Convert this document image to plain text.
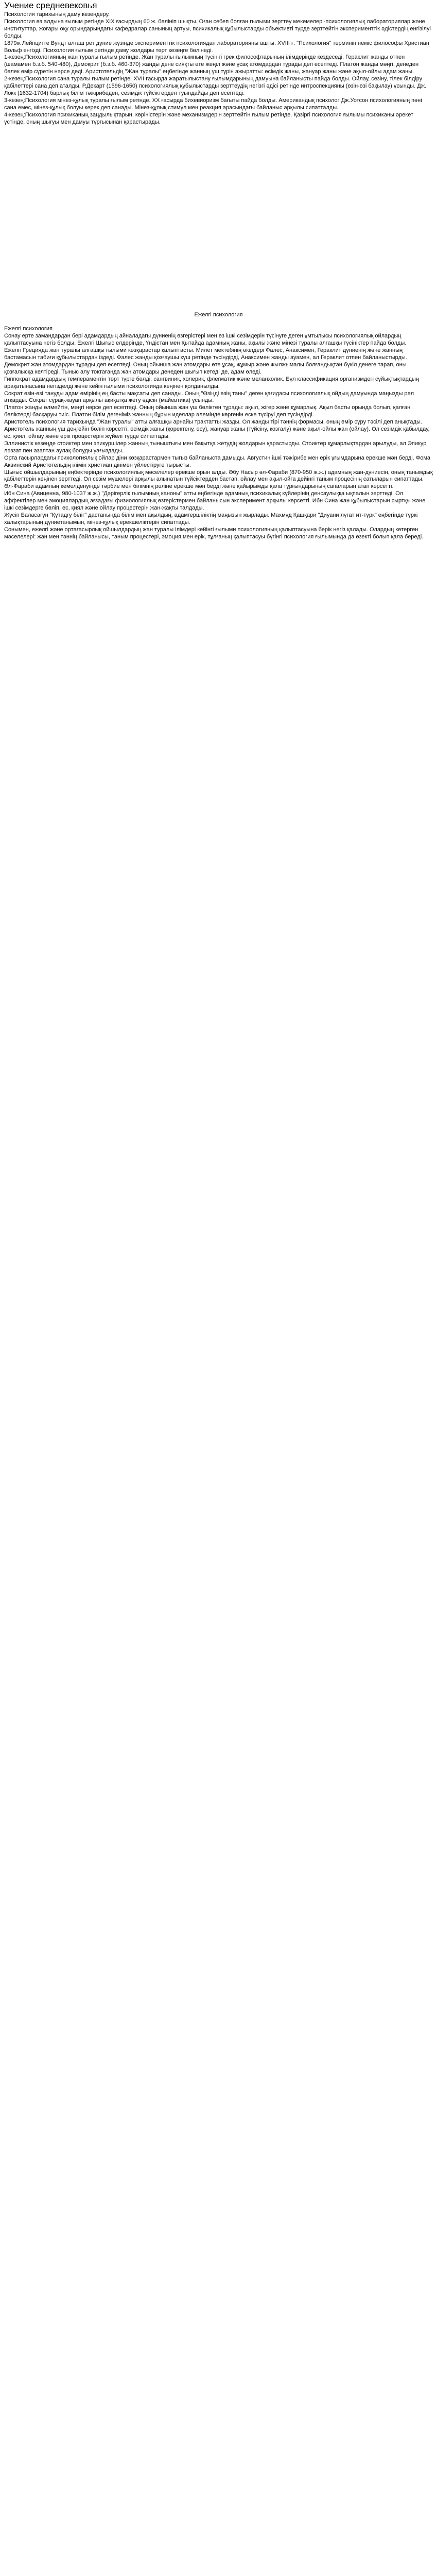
Учение средневековья

Психология тарихының даму кезеңдеру.

Психология өз алдына ғылым ретінде ХІХ ғасырдың 60 ж. бөлініп шықты. Оған себеп болған ғылыми зерттеу мекемелері-психологиялық лабораториялар және институттар, жоғары оқу орындарындағы кафедралар санының артуы, психикалық құбылыстарды объективті түрде зерттейтін эксперименттік әдістердің енгізілуі болды.

1879ж Лейпцигте Вундт алғаш рет дүние жүзінде эксперименттік психологиядан лабораторияны ашты. ХVІІІ ғ. "Психология" терминін неміс философы Христиан Вольф енгізді. Психология ғылым ретінде даму жолдары төрт кезеңге бөлінеді.

1-кезең:Психологияның жан туралы ғылым ретінде. Жан туралы ғылымның түсінігі грек философтарының ілімдерінде кездеседі. Гераклит жанды отпен (шамамен б.з.б. 540-480), Демокрит (б.з.б. 460-370) жанды дене сияқты өте жеңіл және ұсақ атомдардан тұрады деп есептеді. Платон жанды мәңгі, денеден бөлек өмір сүретін нәрсе деді. Аристотельдің "Жан туралы" еңбегінде жанның үш түрін ажыратты: өсімдік жаны, жануар жаны және ақыл-ойлы адам жаны.

2-кезең:Психология сана туралы ғылым ретінде. ХVІІ ғасырда жаратылыстану ғылымдарының дамуына байланысты пайда болды. Ойлау, сезіну, тілек білдіру қабілеттері сана деп аталды. Р.Декарт (1596-1650) психологиялық құбылыстарды зерттеудің негізгі әдісі ретінде интроспекцияны (өзін-өзі бақылау) ұсынды. Дж. Локк (1632-1704) барлық білім тәжірибеден, сезімдік түйсіктерден туындайды деп есептеді.

3-кезең:Психология мінез-құлық туралы ғылым ретінде. ХХ ғасырда бихевиоризм бағыты пайда болды. Американдық психолог Дж.Уотсон психологияның пәні сана емес, мінез-құлық болуы керек деп санады. Мінез-құлық стимул мен реакция арасындағы байланыс арқылы сипатталды.

4-кезең:Психология психиканың заңдылықтарын, көріністерін және механизмдерін зерттейтін ғылым ретінде. Қазіргі психология ғылымы психиканы әрекет үстінде, оның шығуы мен дамуы тұрғысынан қарастырады.

Ежелгі психология

Ежелгі психология

Сонау ерте замандардан бері адамдардың айналадағы дүниенің өзгерістері мен өз ішкі сезімдерін түсінуге деген ұмтылысы психологиялық ойлардың қалыптасуына негіз болды. Ежелгі Шығыс елдерінде, Үндістан мен Қытайда адамның жаны, ақылы және мінезі туралы алғашқы түсініктер пайда болды.

Ежелгі Грецияда жан туралы алғашқы ғылыми көзқарастар қалыптасты. Милет мектебінің өкілдері Фалес, Анаксимен, Гераклит дүниенің және жанның бастамасын табиғи құбылыстардан іздеді. Фалес жанды қозғаушы күш ретінде түсіндірді, Анаксимен жанды ауамен, ал Гераклит отпен байланыстырды.

Демокрит жан атомдардан тұрады деп есептеді. Оның ойынша жан атомдары өте ұсақ, жұмыр және жылжымалы болғандықтан бүкіл денеге тарап, оны қозғалысқа келтіреді. Тыныс алу тоқтағанда жан атомдары денеден шығып кетеді де, адам өледі.

Гиппократ адамдардың темпераментін төрт түрге бөлді: сангвиник, холерик, флегматик және меланхолик. Бұл классификация организмдегі сұйықтықтардың арақатынасына негізделді және кейін ғылыми психологияда кеңінен қолданылды.

Сократ өзін-өзі тануды адам өмірінің ең басты мақсаты деп санады. Оның "Өзіңді өзің таны" деген қағидасы психологиялық ойдың дамуында маңызды рөл атқарды. Сократ сұрақ-жауап арқылы ақиқатқа жету әдісін (майевтика) ұсынды.

Платон жанды өлмейтін, мәңгі нәрсе деп есептеді. Оның ойынша жан үш бөліктен тұрады: ақыл, жігер және құмарлық. Ақыл басты орында болып, қалған бөліктерді басқаруы тиіс. Платон білім дегеніміз жанның бұрын идеялар әлемінде көргенін еске түсіруі деп түсіндірді.

Аристотель психология тарихында "Жан туралы" атты алғашқы арнайы трактатты жазды. Ол жанды тірі тәннің формасы, оның өмір сүру тәсілі деп анықтады. Аристотель жанның үш деңгейін бөліп көрсетті: өсімдік жаны (қоректену, өсу), жануар жаны (түйсіну, қозғалу) және ақыл-ойлы жан (ойлау). Ол сезімдік қабылдау, ес, қиял, ойлау және ерік процестерін жүйелі түрде сипаттады.

Эллинистік кезеңде стоиктер мен эпикуршілер жанның тыныштығы мен бақытқа жетудің жолдарын қарастырды. Стоиктер құмарлықтардан арылуды, ал Эпикур ләззат пен азаптан аулақ болуды уағыздады.

Орта ғасырлардағы психологиялық ойлар діни көзқарастармен тығыз байланыста дамыды. Августин ішкі тәжірибе мен ерік ұғымдарына ерекше мән берді. Фома Аквинский Аристотельдің ілімін христиан дінімен үйлестіруге тырысты.

Шығыс ойшылдарының еңбектерінде психологиялық мәселелер ерекше орын алды. Әбу Насыр әл-Фараби (870-950 ж.ж.) адамның жан-дүниесін, оның танымдық қабілеттерін кеңінен зерттеді. Ол сезім мүшелері арқылы алынатын түйсіктерден бастап, ойлау мен ақыл-ойға дейінгі таным процесінің сатыларын сипаттады. Әл-Фараби адамның кемелденуінде тәрбие мен білімнің рөліне ерекше мән берді және қайырымды қала тұрғындарының сапаларын атап көрсетті.

Ибн Сина (Авиценна, 980-1037 ж.ж.) "Дәрігерлік ғылымның каноны" атты еңбегінде адамның психикалық күйлерінің денсаулыққа ықпалын зерттеді. Ол аффектілер мен эмоциялардың ағзадағы физиологиялық өзгерістермен байланысын эксперимент арқылы көрсетті. Ибн Сина жан құбылыстарын сыртқы және ішкі сезімдерге бөліп, ес, қиял және ойлау процестерін жан-жақты талдады.

Жүсіп Баласағұн "Құтадғу біліг" дастанында білім мен ақылдың, адамгершіліктің маңызын жырлады. Махмұд Қашқари "Диуани лұғат ит-түрк" еңбегінде түркі халықтарының дүниетанымын, мінез-құлық ерекшеліктерін сипаттады.

Сонымен, ежелгі және ортағасырлық ойшылдардың жан туралы ілімдері кейінгі ғылыми психологияның қалыптасуына берік негіз қалады. Олардың көтерген мәселелері: жан мен тәннің байланысы, таным процестері, эмоция мен ерік, тұлғаның қалыптасуы бүгінгі психология ғылымында да өзекті болып қала береді.
